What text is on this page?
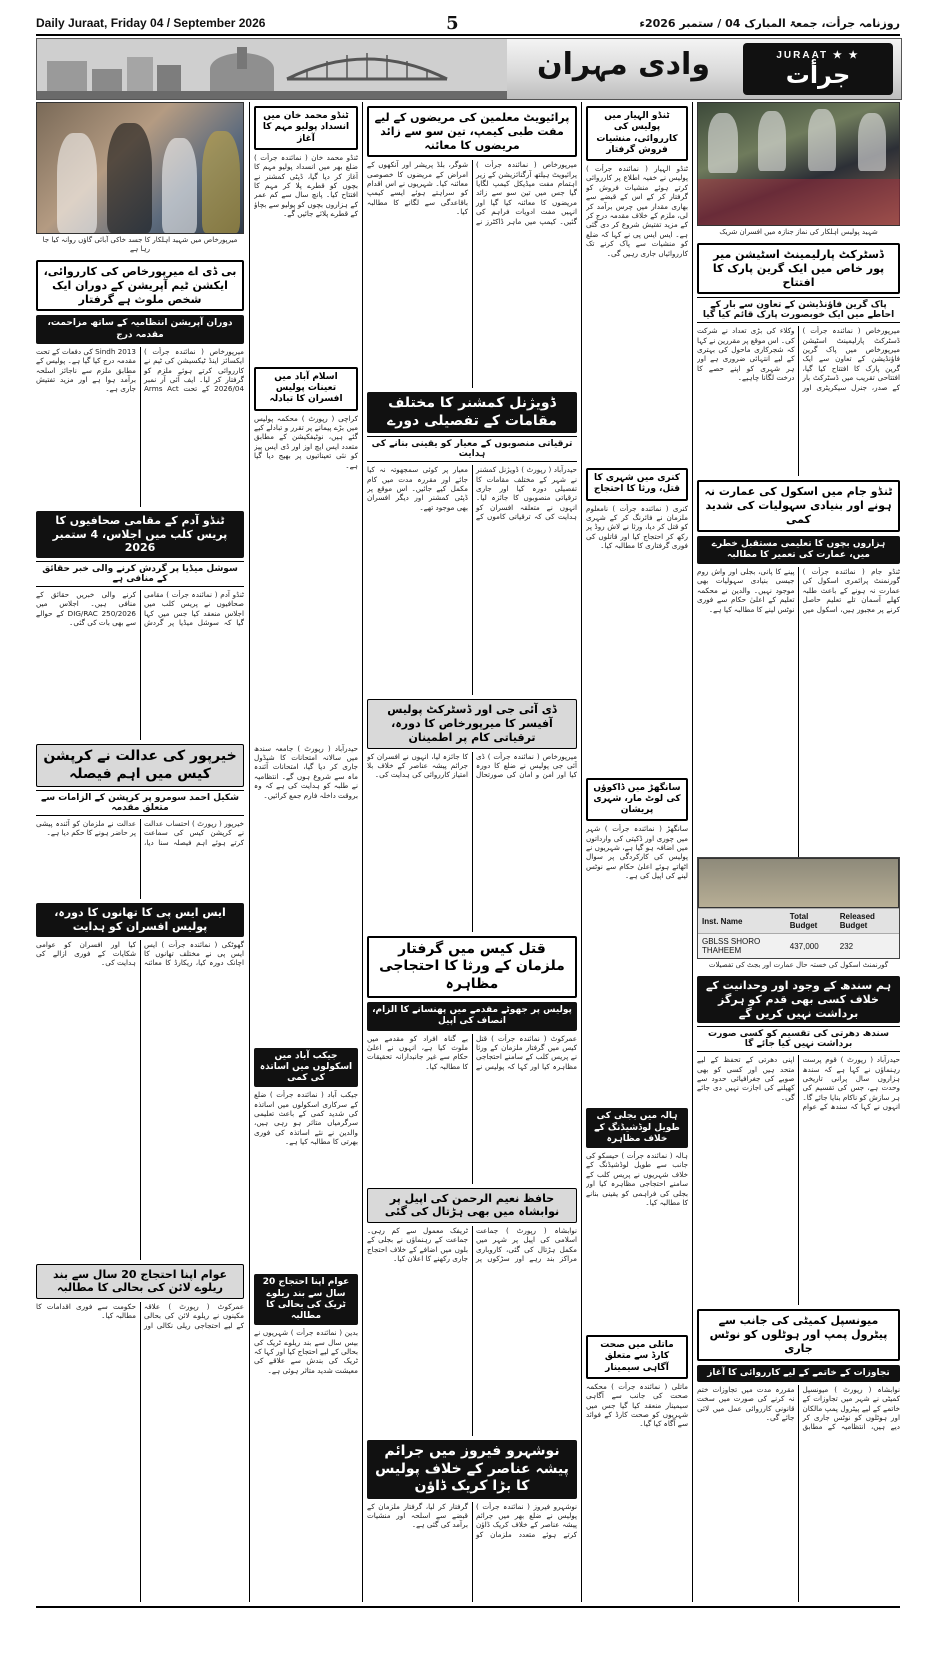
Daily Juraat, Friday 04 / September 2026	5	روزنامہ جرأت، جمعۃ المبارک 04 / ستمبر 2026ء
وادی مہران	JURAAT ★ ★
جرأت
میرپورخاص میں شہید اہلکار کا جسد خاکی آبائی گاؤں روانہ کیا جا رہا ہے
بی ڈی اے میرپورخاص کی کارروائی، ایکشن ٹیم آپریشن کے دوران ایک شخص ملوث ہے گرفتار
دوران آپریشن انتظامیہ کے ساتھ مزاحمت، مقدمہ درج
میرپورخاص ( نمائندہ جرأت ) ایکسائز اینڈ ٹیکسیشن کی ٹیم نے کارروائی کرتے ہوئے ملزم کو گرفتار کر لیا۔ ایف آئی آر نمبر 2026/04 کے تحت Arms Act Sindh 2013 کی دفعات کے تحت مقدمہ درج کیا گیا ہے۔ پولیس کے مطابق ملزم سے ناجائز اسلحہ برآمد ہوا ہے اور مزید تفتیش جاری ہے۔
ٹنڈو آدم کے مقامی صحافیوں کا پریس کلب میں اجلاس، 4 ستمبر 2026
سوشل میڈیا پر گردش کرنے والی خبر حقائق کے منافی ہے
ٹنڈو آدم ( نمائندہ جرأت ) مقامی صحافیوں نے پریس کلب میں اجلاس منعقد کیا جس میں کہا گیا کہ سوشل میڈیا پر گردش کرنے والی خبریں حقائق کے منافی ہیں۔ اجلاس میں DIG/RAC 250/2026 کے حوالے سے بھی بات کی گئی۔
خیرپور کی عدالت نے کرپشن کیس میں اہم فیصلہ
شکیل احمد سومرو پر کرپشن کے الزامات سے متعلق مقدمہ
خیرپور ( رپورٹ ) احتساب عدالت نے کرپشن کیس کی سماعت کرتے ہوئے اہم فیصلہ سنا دیا، عدالت نے ملزمان کو آئندہ پیشی پر حاضر ہونے کا حکم دیا ہے۔
ایس ایس پی کا تھانوں کا دورہ، پولیس افسران کو ہدایت
گھوٹکی ( نمائندہ جرأت ) ایس ایس پی نے مختلف تھانوں کا اچانک دورہ کیا، ریکارڈ کا معائنہ کیا اور افسران کو عوامی شکایات کے فوری ازالے کی ہدایت کی۔
عوام اپنا احتجاج 20 سال سے بند ریلوے لائن کی بحالی کا مطالبہ
عمرکوٹ ( رپورٹ ) علاقہ مکینوں نے ریلوے لائن کی بحالی کے لیے احتجاجی ریلی نکالی اور حکومت سے فوری اقدامات کا مطالبہ کیا۔
ٹنڈو محمد خان میں انسداد پولیو مہم کا آغاز
ٹنڈو محمد خان ( نمائندہ جرأت ) ضلع بھر میں انسداد پولیو مہم کا آغاز کر دیا گیا، ڈپٹی کمشنر نے بچوں کو قطرے پلا کر مہم کا افتتاح کیا۔ پانچ سال سے کم عمر کے ہزاروں بچوں کو پولیو سے بچاؤ کے قطرے پلائے جائیں گے۔
اسلام آباد میں تعینات پولیس افسران کا تبادلہ
کراچی ( رپورٹ ) محکمہ پولیس میں بڑے پیمانے پر تقرر و تبادلے کیے گئے ہیں، نوٹیفکیشن کے مطابق متعدد ایس ایچ اوز اور ڈی ایس پیز کو نئی تعیناتیوں پر بھیج دیا گیا ہے۔
حیدرآباد ( رپورٹ ) جامعہ سندھ میں سالانہ امتحانات کا شیڈول جاری کر دیا گیا، امتحانات آئندہ ماہ سے شروع ہوں گے۔ انتظامیہ نے طلبہ کو ہدایت کی ہے کہ وہ بروقت داخلہ فارم جمع کرائیں۔
جیکب آباد میں اسکولوں میں اساتذہ کی کمی
جیکب آباد ( نمائندہ جرأت ) ضلع کے سرکاری اسکولوں میں اساتذہ کی شدید کمی کے باعث تعلیمی سرگرمیاں متاثر ہو رہی ہیں، والدین نے نئے اساتذہ کی فوری بھرتی کا مطالبہ کیا ہے۔
عوام اپنا احتجاج 20 سال سے بند ریلوے ٹریک کی بحالی کا مطالبہ
بدین ( نمائندہ جرأت ) شہریوں نے بیس سال سے بند ریلوے ٹریک کی بحالی کے لیے احتجاج کیا اور کہا کہ ٹریک کی بندش سے علاقے کی معیشت شدید متاثر ہوئی ہے۔
پرائیویٹ معلمین کی مریضوں کے لیے مفت طبی کیمپ، تین سو سے زائد مریضوں کا معائنہ
میرپورخاص ( نمائندہ جرأت ) پرائیویٹ ہیلتھ آرگنائزیشن کے زیر اہتمام مفت میڈیکل کیمپ لگایا گیا جس میں تین سو سے زائد مریضوں کا معائنہ کیا گیا اور انہیں مفت ادویات فراہم کی گئیں۔ کیمپ میں ماہر ڈاکٹرز نے شوگر، بلڈ پریشر اور آنکھوں کے امراض کے مریضوں کا خصوصی معائنہ کیا۔ شہریوں نے اس اقدام کو سراہتے ہوئے ایسے کیمپ باقاعدگی سے لگانے کا مطالبہ کیا۔
ڈویژنل کمشنر کا مختلف مقامات کے تفصیلی دورے
ترقیاتی منصوبوں کے معیار کو یقینی بنانے کی ہدایت
حیدرآباد ( رپورٹ ) ڈویژنل کمشنر نے شہر کے مختلف مقامات کا تفصیلی دورہ کیا اور جاری ترقیاتی منصوبوں کا جائزہ لیا۔ انہوں نے متعلقہ افسران کو ہدایت کی کہ ترقیاتی کاموں کے معیار پر کوئی سمجھوتہ نہ کیا جائے اور مقررہ مدت میں کام مکمل کیے جائیں۔ اس موقع پر ڈپٹی کمشنر اور دیگر افسران بھی موجود تھے۔
ڈی آئی جی اور ڈسٹرکٹ پولیس آفیسر کا میرپورخاص کا دورہ، ترقیاتی کام پر اطمینان
میرپورخاص ( نمائندہ جرأت ) ڈی آئی جی پولیس نے ضلع کا دورہ کیا اور امن و امان کی صورتحال کا جائزہ لیا، انہوں نے افسران کو جرائم پیشہ عناصر کے خلاف بلا امتیاز کارروائی کی ہدایت کی۔
قتل کیس میں گرفتار ملزمان کے ورثا کا احتجاجی مظاہرہ
پولیس پر جھوٹے مقدمے میں پھنسانے کا الزام، انصاف کی اپیل
عمرکوٹ ( نمائندہ جرأت ) قتل کیس میں گرفتار ملزمان کے ورثا نے پریس کلب کے سامنے احتجاجی مظاہرہ کیا اور کہا کہ پولیس نے بے گناہ افراد کو مقدمے میں ملوث کیا ہے، انہوں نے اعلیٰ حکام سے غیر جانبدارانہ تحقیقات کا مطالبہ کیا۔
حافظ نعیم الرحمن کی اپیل پر نوابشاہ میں بھی ہڑتال کی گئی
نوابشاہ ( رپورٹ ) جماعت اسلامی کی اپیل پر شہر میں مکمل ہڑتال کی گئی، کاروباری مراکز بند رہے اور سڑکوں پر ٹریفک معمول سے کم رہی۔ جماعت کے رہنماؤں نے بجلی کے بلوں میں اضافے کے خلاف احتجاج جاری رکھنے کا اعلان کیا۔
نوشہرو فیروز میں جرائم پیشہ عناصر کے خلاف پولیس کا بڑا کریک ڈاؤن
نوشہرو فیروز ( نمائندہ جرأت ) پولیس نے ضلع بھر میں جرائم پیشہ عناصر کے خلاف کریک ڈاؤن کرتے ہوئے متعدد ملزمان کو گرفتار کر لیا، گرفتار ملزمان کے قبضے سے اسلحہ اور منشیات برآمد کی گئی ہے۔
ٹنڈو الہیار میں پولیس کی کارروائی، منشیات فروش گرفتار
ٹنڈو الہیار ( نمائندہ جرأت ) پولیس نے خفیہ اطلاع پر کارروائی کرتے ہوئے منشیات فروش کو گرفتار کر کے اس کے قبضے سے بھاری مقدار میں چرس برآمد کر لی، ملزم کے خلاف مقدمہ درج کر کے مزید تفتیش شروع کر دی گئی ہے۔ ایس ایس پی نے کہا کہ ضلع کو منشیات سے پاک کرنے تک کارروائیاں جاری رہیں گی۔
کنری میں شہری کا قتل، ورثا کا احتجاج
کنری ( نمائندہ جرأت ) نامعلوم ملزمان نے فائرنگ کر کے شہری کو قتل کر دیا، ورثا نے لاش روڈ پر رکھ کر احتجاج کیا اور قاتلوں کی فوری گرفتاری کا مطالبہ کیا۔
سانگھڑ میں ڈاکوؤں کی لوٹ مار، شہری پریشان
سانگھڑ ( نمائندہ جرأت ) شہر میں چوری اور ڈکیتی کی وارداتوں میں اضافہ ہو گیا ہے، شہریوں نے پولیس کی کارکردگی پر سوال اٹھاتے ہوئے اعلیٰ حکام سے نوٹس لینے کی اپیل کی ہے۔
ہالہ میں بجلی کی طویل لوڈشیڈنگ کے خلاف مظاہرہ
ہالہ ( نمائندہ جرأت ) حیسکو کی جانب سے طویل لوڈشیڈنگ کے خلاف شہریوں نے پریس کلب کے سامنے احتجاجی مظاہرہ کیا اور بجلی کی فراہمی کو یقینی بنانے کا مطالبہ کیا۔
ماتلی میں صحت کارڈ سے متعلق آگاہی سیمینار
ماتلی ( نمائندہ جرأت ) محکمہ صحت کی جانب سے آگاہی سیمینار منعقد کیا گیا جس میں شہریوں کو صحت کارڈ کے فوائد سے آگاہ کیا گیا۔
شہید پولیس اہلکار کی نماز جنازہ میں افسران شریک
ڈسٹرکٹ پارلیمینٹ اسٹیشن میر پور خاص میں ایک گرین پارک کا افتتاح
پاک گرین فاؤنڈیشن کے تعاون سے بار کے احاطے میں ایک خوبصورت پارک قائم کیا گیا
میرپورخاص ( نمائندہ جرأت ) ڈسٹرکٹ پارلیمینٹ اسٹیشن میرپورخاص میں پاک گرین فاؤنڈیشن کے تعاون سے ایک گرین پارک کا افتتاح کیا گیا، افتتاحی تقریب میں ڈسٹرکٹ بار کے صدر، جنرل سیکریٹری اور وکلاء کی بڑی تعداد نے شرکت کی۔ اس موقع پر مقررین نے کہا کہ شجرکاری ماحول کی بہتری کے لیے انتہائی ضروری ہے اور ہر شہری کو اپنے حصے کا درخت لگانا چاہیے۔
ٹنڈو جام میں اسکول کی عمارت نہ ہونے اور بنیادی سہولیات کی شدید کمی
ہزاروں بچوں کا تعلیمی مستقبل خطرے میں، عمارت کی تعمیر کا مطالبہ
ٹنڈو جام ( نمائندہ جرأت ) گورنمنٹ پرائمری اسکول کی عمارت نہ ہونے کے باعث طلبہ کھلے آسمان تلے تعلیم حاصل کرنے پر مجبور ہیں، اسکول میں پینے کا پانی، بجلی اور واش روم جیسی بنیادی سہولیات بھی موجود نہیں۔ والدین نے محکمہ تعلیم کے اعلیٰ حکام سے فوری نوٹس لینے کا مطالبہ کیا ہے۔
Inst. Name	Total Budget	Released Budget
GBLSS SHORO THAHEEM	437,000	232
گورنمنٹ اسکول کی خستہ حال عمارت اور بجٹ کی تفصیلات
ہم سندھ کے وجود اور وحدانیت کے خلاف کسی بھی قدم کو ہرگز برداشت نہیں کریں گے
سندھ دھرتی کی تقسیم کو کسی صورت برداشت نہیں کیا جائے گا
حیدرآباد ( رپورٹ ) قوم پرست رہنماؤں نے کہا ہے کہ سندھ ہزاروں سال پرانی تاریخی وحدت ہے، جس کی تقسیم کی ہر سازش کو ناکام بنایا جائے گا۔ انہوں نے کہا کہ سندھ کے عوام اپنی دھرتی کے تحفظ کے لیے متحد ہیں اور کسی کو بھی صوبے کی جغرافیائی حدود سے کھیلنے کی اجازت نہیں دی جائے گی۔
میونسپل کمیٹی کی جانب سے پیٹرول پمپ اور ہوٹلوں کو نوٹس جاری
تجاوزات کے خاتمے کے لیے کارروائی کا آغاز
نوابشاہ ( رپورٹ ) میونسپل کمیٹی نے شہر میں تجاوزات کے خاتمے کے لیے پیٹرول پمپ مالکان اور ہوٹلوں کو نوٹس جاری کر دیے ہیں، انتظامیہ کے مطابق مقررہ مدت میں تجاوزات ختم نہ کرنے کی صورت میں سخت قانونی کارروائی عمل میں لائی جائے گی۔
